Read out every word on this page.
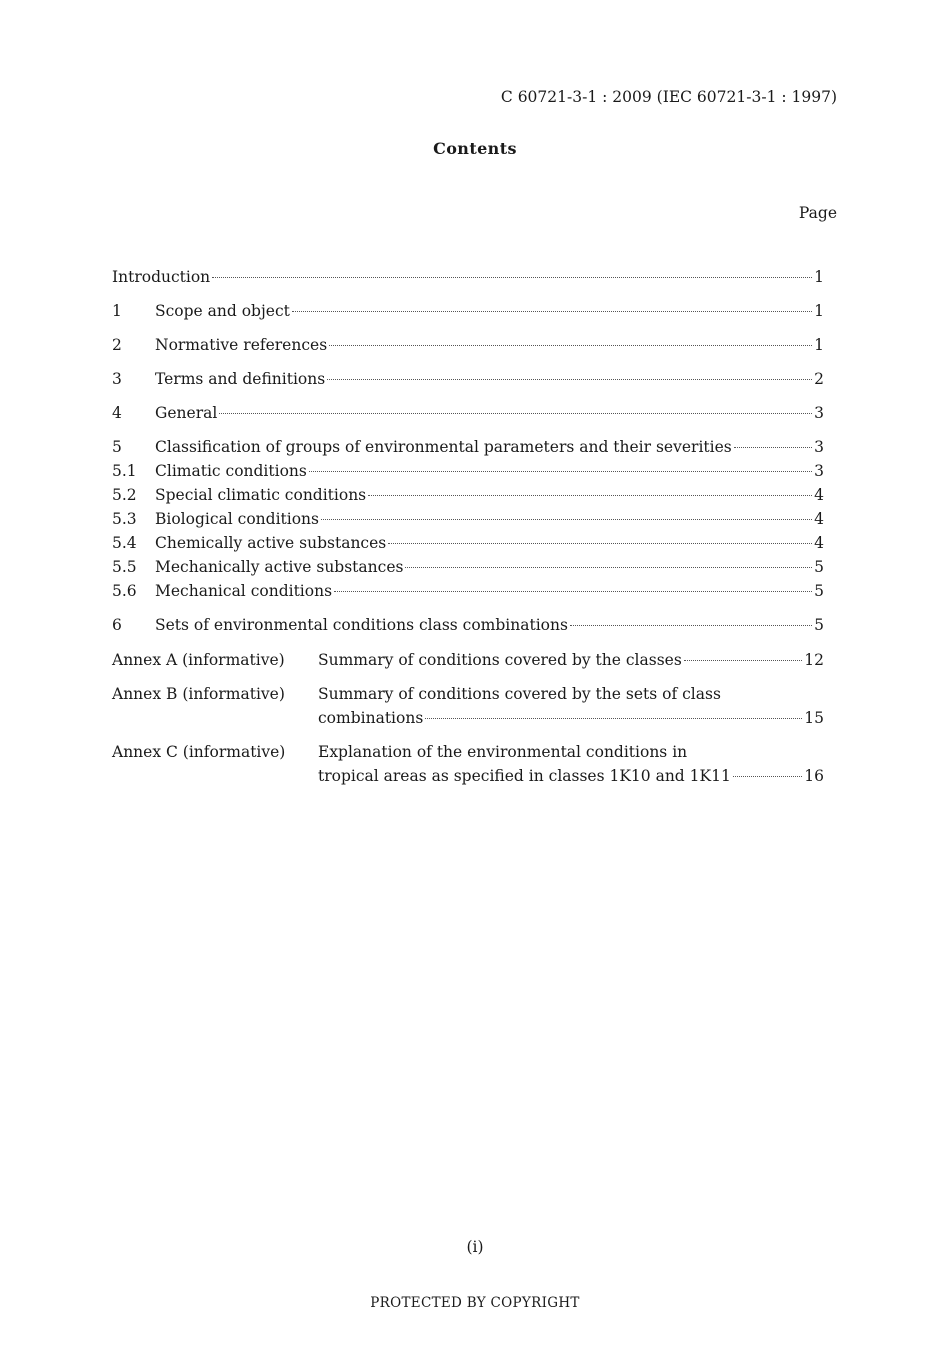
C 60721-3-1 : 2009 (IEC 60721-3-1 : 1997)
Contents
Page
Introduction	1
1 Scope and object	1
2 Normative references	1
3 Terms and definitions	2
4 General	3
5 Classification of groups of environmental parameters and their severities	3
5.1 Climatic conditions	3
5.2 Special climatic conditions	4
5.3 Biological conditions	4
5.4 Chemically active substances	4
5.5 Mechanically active substances	5
5.6 Mechanical conditions	5
6 Sets of environmental conditions class combinations	5
Annex A (informative) Summary of conditions covered by the classes	12
Annex B (informative) Summary of conditions covered by the sets of class
combinations	15
Annex C (informative) Explanation of the environmental conditions in
tropical areas as specified in classes 1K10 and 1K11	16
(i)
PROTECTED BY COPYRIGHT
